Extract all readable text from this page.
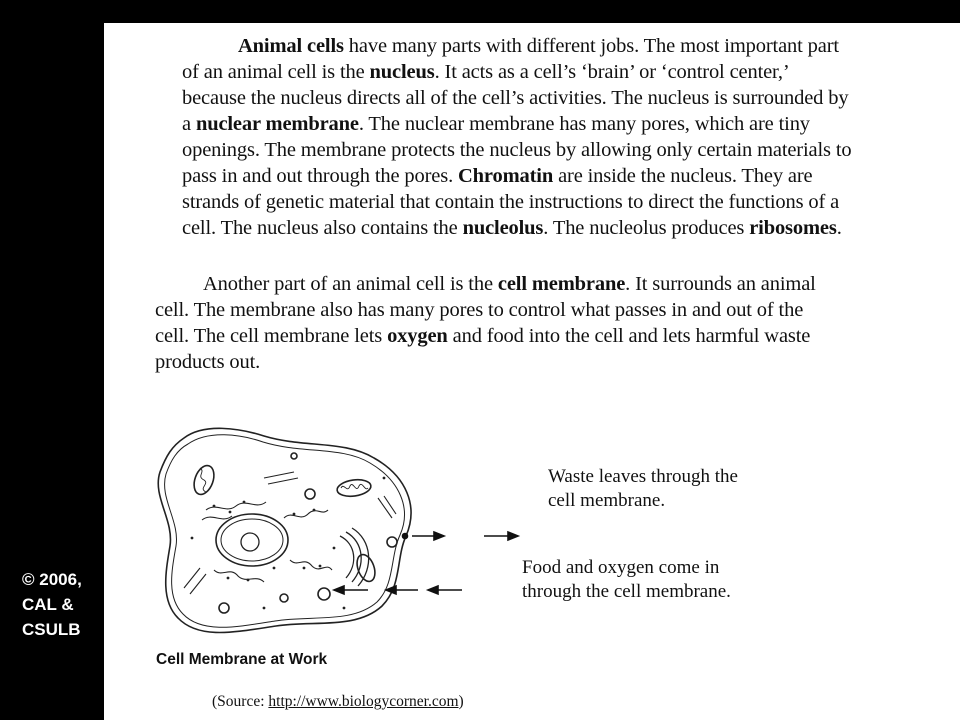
Animal cells have many parts with different jobs. The most important part
of an animal cell is the nucleus. It acts as a cell’s ‘brain’ or ‘control center,’
because the nucleus directs all of the cell’s activities. The nucleus is surrounded by
a nuclear membrane. The nuclear membrane has many pores, which are tiny
openings. The membrane protects the nucleus by allowing only certain materials to
pass in and out through the pores. Chromatin are inside the nucleus. They are
strands of genetic material that contain the instructions to direct the functions of a
cell. The nucleus also contains the nucleolus. The nucleolus produces ribosomes.
Another part of an animal cell is the cell membrane. It surrounds an animal
cell. The membrane also has many pores to control what passes in and out of the
cell. The cell membrane lets oxygen and food into the cell and lets harmful waste
products out.
Waste leaves through the
cell membrane.
Food and oxygen come in
through the cell membrane.

Cell Membrane at Work

(Source: http://www.biologycorner.com)

© 2006,
CAL &
CSULB
